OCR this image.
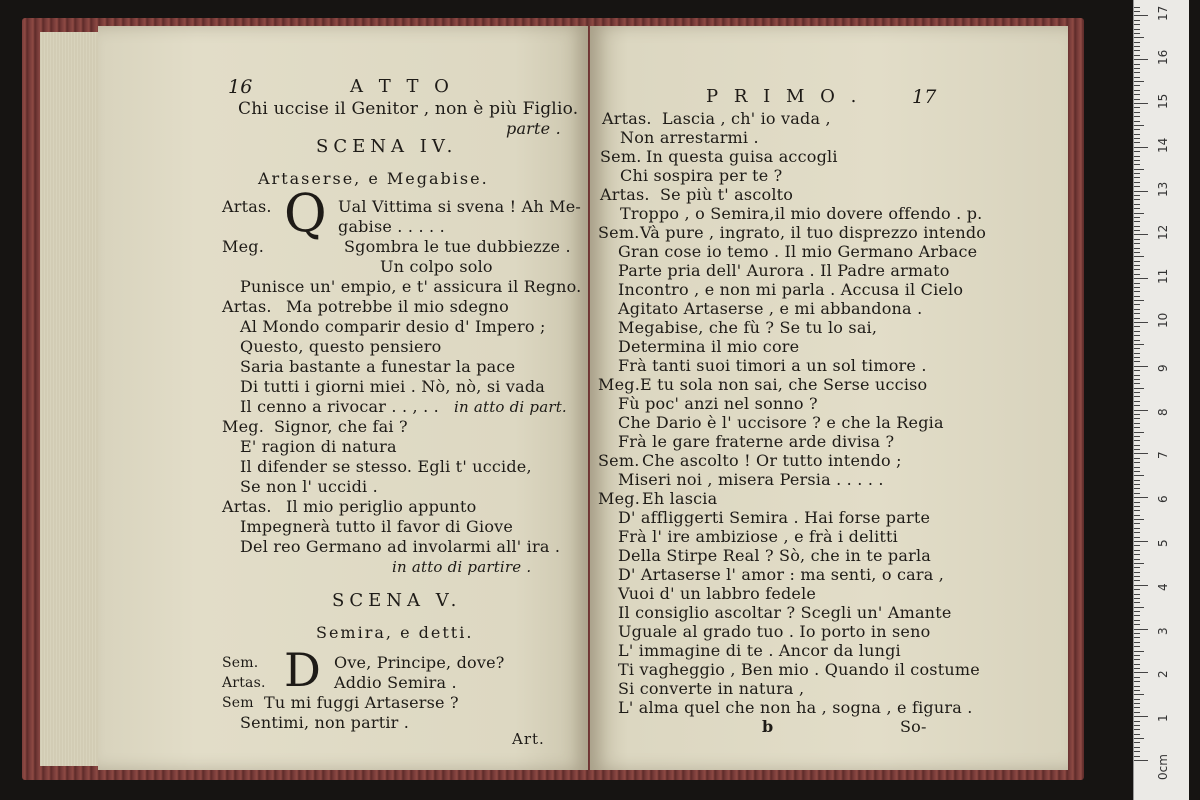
16	A T T O
Chi uccise il Genitor , non è più Figlio.
parte .
SCENA IV.
Artaserse, e Megabise.
Artas. Q Ual Vittima si svena ! Ah Me-
gabise . . . . .
Meg.	Sgombra le tue dubbiezze .
Un colpo solo
Punisce un' empio, e t' assicura il Regno.
Artas. Ma potrebbe il mio sdegno
Al Mondo comparir desio d' Impero ;
Questo, questo pensiero
Saria bastante a funestar la pace
Di tutti i giorni miei . Nò, nò, si vada
Il cenno a rivocar . . , . . in atto di part.
Meg. Signor, che fai ?
E' ragion di natura
Il difender se stesso. Egli t' uccide,
Se non l' uccidi .
Artas. Il mio periglio appunto
Impegnerà tutto il favor di Giove
Del reo Germano ad involarmi all' ira .
in atto di partire .
SCENA V.
Semira, e detti.
Sem. D Ove, Principe, dove?
Artas.	Addio Semira .
Sem Tu mi fuggi Artaserse ?
Sentimi, non partir .
Art.
P R I M O .	17
Artas. Lascia , ch' io vada ,
Non arrestarmi .
Sem. In questa guisa accogli
Chi sospira per te ?
Artas. Se più t' ascolto
Troppo , o Semira,il mio dovere offendo . p.
Sem. Và pure , ingrato, il tuo disprezzo intendo
Gran cose io temo . Il mio Germano Arbace
Parte pria dell' Aurora . Il Padre armato
Incontro , e non mi parla . Accusa il Cielo
Agitato Artaserse , e mi abbandona .
Megabise, che fù ? Se tu lo sai,
Determina il mio core
Frà tanti suoi timori a un sol timore .
Meg. E tu sola non sai, che Serse ucciso
Fù poc' anzi nel sonno ?
Che Dario è l' uccisore ? e che la Regia
Frà le gare fraterne arde divisa ?
Sem. Che ascolto ! Or tutto intendo ;
Miseri noi , misera Persia . . . . .
Meg. Eh lascia
D' affliggerti Semira . Hai forse parte
Frà l' ire ambiziose , e frà i delitti
Della Stirpe Real ? Sò, che in te parla
D' Artaserse l' amor : ma senti, o cara ,
Vuoi d' un labbro fedele
Il consiglio ascoltar ? Scegli un' Amante
Uguale al grado tuo . Io porto in seno
L' immagine di te . Ancor da lungi
Ti vagheggio , Ben mio . Quando il costume
Si converte in natura ,
L' alma quel che non ha , sogna , e figura .
b	So-
0cm
1
2
3
4
5
6
7
8
9
10
11
12
13
14
15
16
17
